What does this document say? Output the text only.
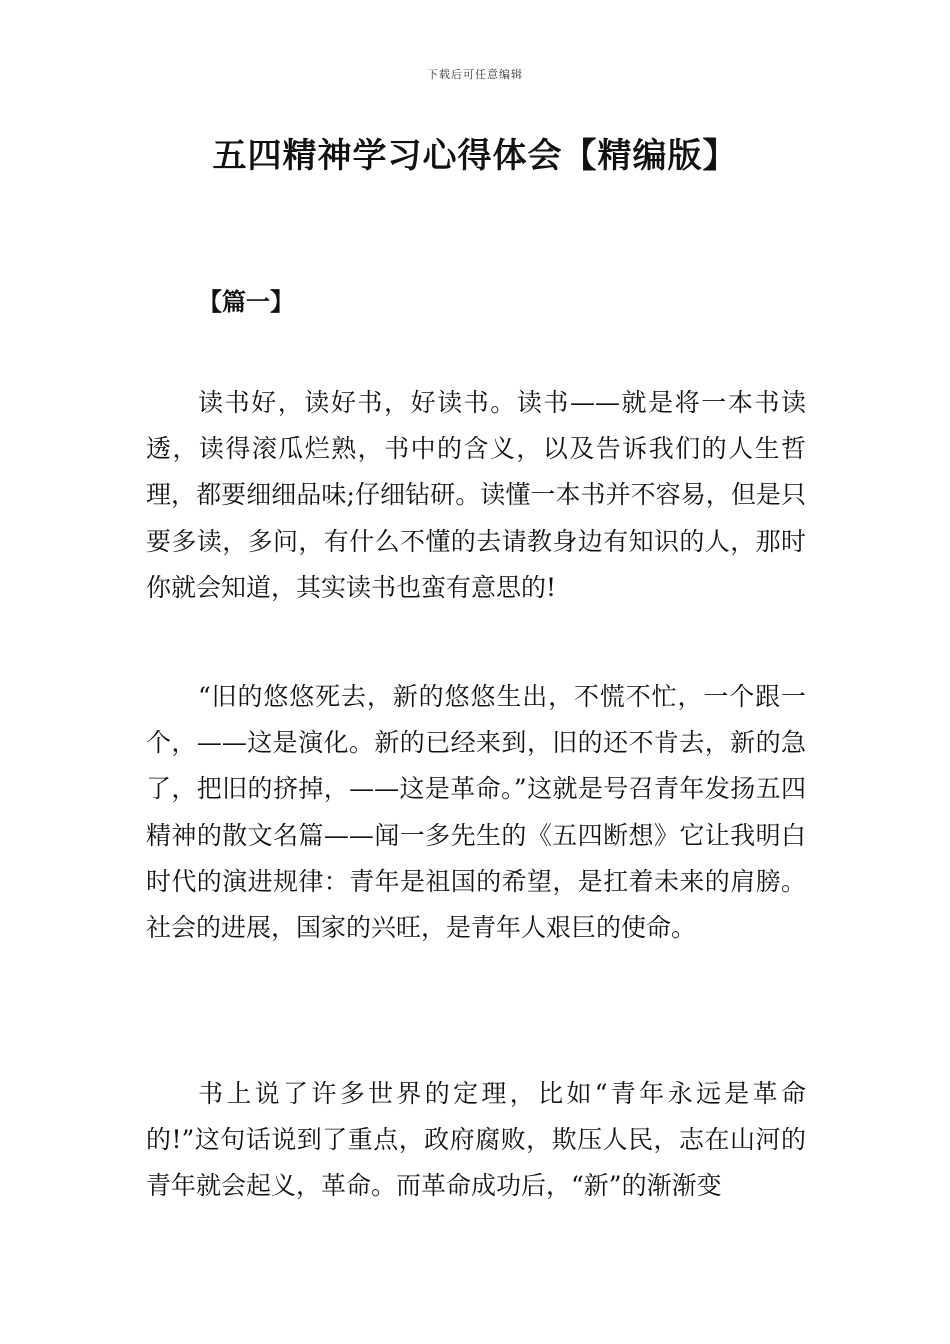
下载后可任意编辑
五四精神学习心得体会【精编版】
【篇一】

读书好，读好书，好读书。读书——就是将一本书读透，读得滚瓜烂熟，书中的含义，以及告诉我们的人生哲理，都要细细品味;仔细钻研。读懂一本书并不容易，但是只要多读，多问，有什么不懂的去请教身边有知识的人，那时你就会知道，其实读书也蛮有意思的!

“旧的悠悠死去，新的悠悠生出，不慌不忙，一个跟一个，——这是演化。新的已经来到，旧的还不肯去，新的急了，把旧的挤掉，——这是革命。”这就是号召青年发扬五四精神的散文名篇——闻一多先生的《五四断想》它让我明白时代的演进规律：青年是祖国的希望，是扛着未来的肩膀。社会的进展，国家的兴旺，是青年人艰巨的使命。

书上说了许多世界的定理，比如“青年永远是革命的!”这句话说到了重点，政府腐败，欺压人民，志在山河的青年就会起义，革命。而革命成功后，“新”的渐渐变
